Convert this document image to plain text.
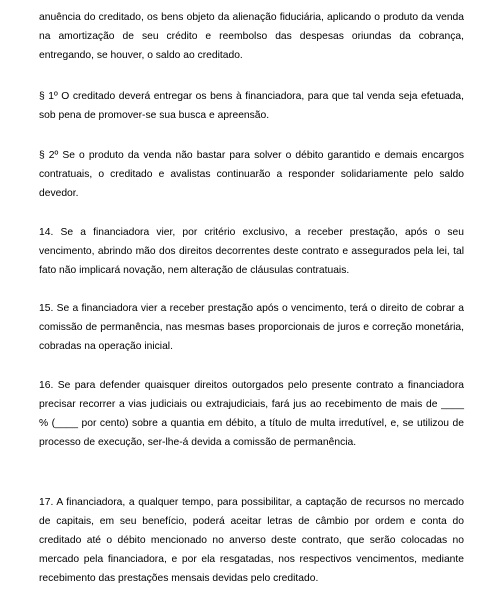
anuência do creditado, os bens objeto da alienação fiduciária, aplicando o produto da venda na amortização de seu crédito e reembolso das despesas oriundas da cobrança, entregando, se houver, o saldo ao creditado.

§ 1º O creditado deverá entregar os bens à financiadora, para que tal venda seja efetuada, sob pena de promover-se sua busca e apreensão.

§ 2º Se o produto da venda não bastar para solver o débito garantido e demais encargos contratuais, o creditado e avalistas continuarão a responder solidariamente pelo saldo devedor.

14. Se a financiadora vier, por critério exclusivo, a receber prestação, após o seu vencimento, abrindo mão dos direitos decorrentes deste contrato e assegurados pela lei, tal fato não implicará novação, nem alteração de cláusulas contratuais.

15. Se a financiadora vier a receber prestação após o vencimento, terá o direito de cobrar a comissão de permanência, nas mesmas bases proporcionais de juros e correção monetária, cobradas na operação inicial.

16. Se para defender quaisquer direitos outorgados pelo presente contrato a financiadora precisar recorrer a vias judiciais ou extrajudiciais, fará jus ao recebimento de mais de ____ % (____ por cento) sobre a quantia em débito, a título de multa irredutível, e, se utilizou de processo de execução, ser-lhe-á devida a comissão de permanência.

17. A financiadora, a qualquer tempo, para possibilitar, a captação de recursos no mercado de capitais, em seu benefício, poderá aceitar letras de câmbio por ordem e conta do creditado até o débito mencionado no anverso deste contrato, que serão colocadas no mercado pela financiadora, e por ela resgatadas, nos respectivos vencimentos, mediante recebimento das prestações mensais devidas pelo creditado.
